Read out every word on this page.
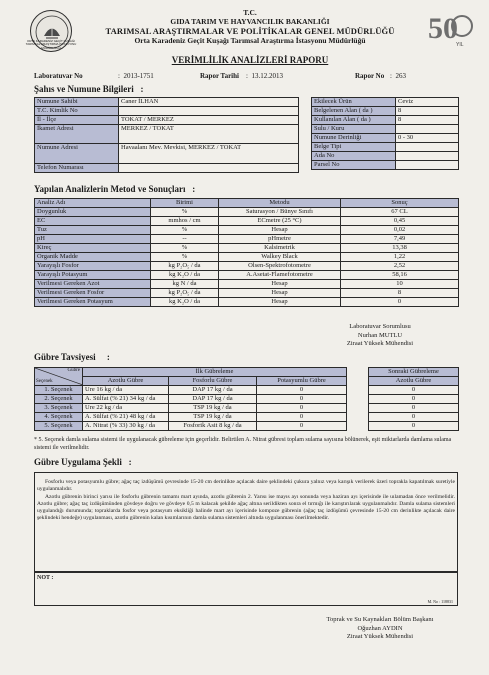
ORTA KARADENİZ GEÇİT KUŞAĞI TARIMSAL ARAŞTIRMA İSTASYONU MÜDÜRLÜĞÜ
50
YIL
T.C.
GIDA TARIM VE HAYVANCILIK BAKANLIĞI
TARIMSAL ARAŞTIRMALAR VE POLİTİKALAR GENEL MÜDÜRLÜĞÜ
Orta Karadeniz Geçit Kuşağı Tarımsal Araştırma İstasyonu Müdürlüğü
VERİMLİLİK ANALİZLERİ RAPORU
Laboratuvar No	:  2013-1751	Rapor Tarihi :  13.12.2013	Rapor No :  263
Şahıs ve Numune Bilgileri   :
Numune Sahibi	Caner İLHAN
T.C. Kimlik No	
İl - İlçe	TOKAT / MERKEZ
İkamet Adresi	MERKEZ / TOKAT
Numune Adresi	Havaalanı Mev. Mevkisi, MERKEZ / TOKAT
Telefon Numarası	
Ekilecek Ürün	Ceviz
Belgelenen Alan ( da )	8
Kullanılan Alan ( da )	8
Sulu / Kuru	
Numune Derinliği	0 - 30
Belge Tipi	
Ada No	
Parsel No	
Yapılan Analizlerin Metod ve Sonuçları   :
Analiz Adı	Birimi	Metodu	Sonuç
Doygunluk	%	Saturasyon / Bünye Sınıfı	67 CL
EC	mmhos / cm	ECmetre (25 °C)	0,45
Tuz	%	Hesap	0,02
pH	--	pHmetre	7,49
Kireç	%	Kalsimetrik	13,38
Organik Madde	%	Walkey Black	1,22
Yarayışlı Fosfor	kg P₂O₅ / da	Olsen-Spektrofotometre	2,52
Yarayışlı Potasyum	kg K₂O / da	A.Asetat-Flamefotometre	58,16
Verilmesi Gereken Azot	kg N / da	Hesap	10
Verilmesi Gereken Fosfor	kg P₂O₅ / da	Hesap	8
Verilmesi Gereken Potasyum	kg K₂O / da	Hesap	0
Laboratuvar Sorumlusu
Nurhan MUTLU
Ziraat Yüksek Mühendisi
Gübre Tavsiyesi     :
Gübre
Seçenek	İlk Gübreleme				Sonraki Gübreleme
	Azotlu Gübre	Fosforlu Gübre	Potasyumlu Gübre		Azotlu Gübre
1. Seçenek	Ure 16 kg / da	DAP 17 kg / da	0		0
2. Seçenek	A. Sülfat (% 21) 34 kg / da	DAP 17 kg / da	0		0
3. Seçenek	Ure 22 kg / da	TSP 19 kg / da	0		0
4. Seçenek	A. Sülfat (% 21) 48 kg / da	TSP 19 kg / da	0		0
5. Seçenek	A. Nitrat (% 33) 30 kg / da	Fosforik Asit 8 kg / da	0		0
* 5. Seçenek damla sulama sistemi ile uygulanacak gübreleme için geçerlidir. Belirtilen A. Nitrat gübresi toplam sulama sayısına bölünerek, eşit miktarlarda damlama sulama sistemi ile verilmelidir.
Gübre Uygulama Şekli   :

Fosforlu veya potasyumlu gübre; ağaç taç izdüşümü çevresinde 15-20 cm derinlikte açılacak daire şeklindeki çukura yalnız veya karışık verilerek üzeri toprakla kapatılmak suretiyle uygulanmalıdır.

Azotlu gübrenin birinci yarısı ile fosforlu gübrenin tamamı mart ayında, azotlu gübrenin 2. Yarısı ise mayıs ayı sonunda veya haziran ayı içerisinde ile uılamadan önce verilmelidir. Azotlu gübre; ağaç taç izdüşümünden gövdeye doğru ve gövdeye 0,5 m kalacak şekilde ağaç altına serildikten sonra el tırmığı ile karıştırılarak uygulanmalıdır. Damla sulama sistemleri uygulandığı durumunda; topraklarda fosfor veya potasyum eksikliği halinde mart ayı içerisinde kompoze gübrenin (ağaç taç izdüşümü çevresinde 15-20 cm derinlikte açılacak daire şeklindeki hendeğe) uygulanması, azotlu gübrenin kalan kısımlarının damla sulama sistemleri altında uygulanması önerilmektedir.

NOT :
M. No : 118831
Toprak ve Su Kaynakları Bölüm Başkanı
Oğuzhan AYDIN
Ziraat Yüksek Mühendisi
